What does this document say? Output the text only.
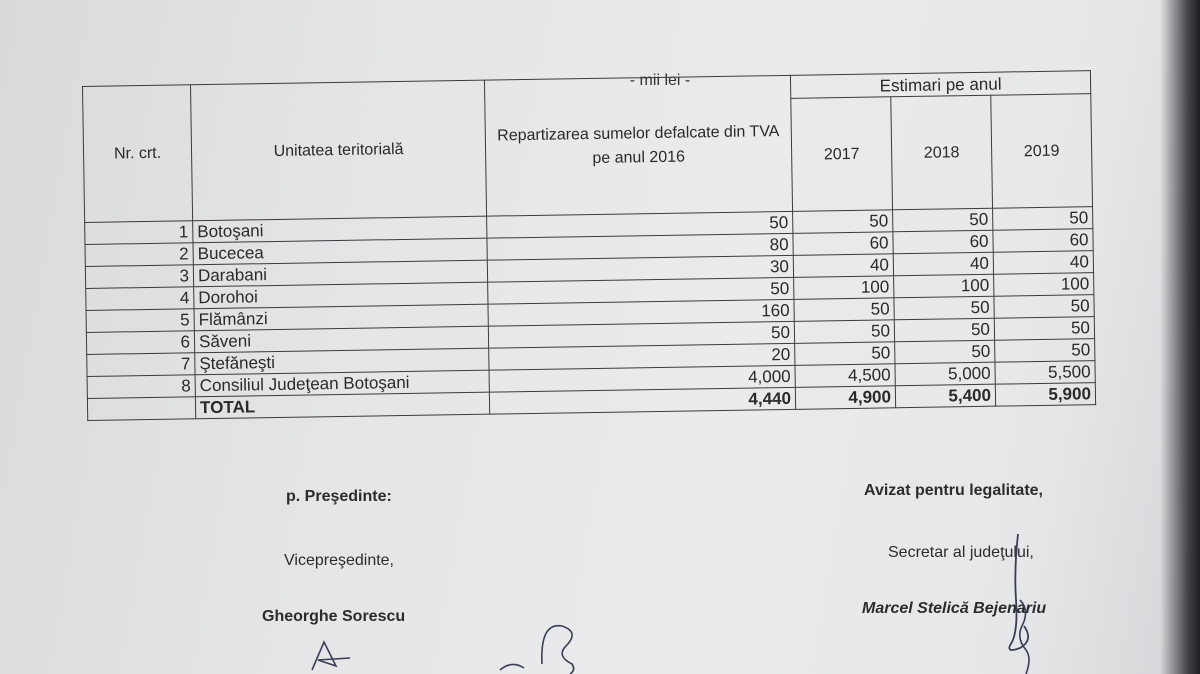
- mii lei -
Nr. crt.	Unitatea teritorială	Repartizarea sumelor defalcate din TVA pe anul 2016	Estimari pe anul		
			2017	2018	2019
1	Botoşani	50	50	50	50
2	Bucecea	80	60	60	60
3	Darabani	30	40	40	40
4	Dorohoi	50	100	100	100
5	Flămânzi	160	50	50	50
6	Săveni	50	50	50	50
7	Ştefăneşti	20	50	50	50
8	Consiliul Judeţean Botoşani	4,000	4,500	5,000	5,500
	TOTAL	4,440	4,900	5,400	5,900
p. Preşedinte:
Vicepreşedinte,
Gheorghe Sorescu
Avizat pentru legalitate,
Secretar al judeţului,
Marcel Stelică Bejenariu
